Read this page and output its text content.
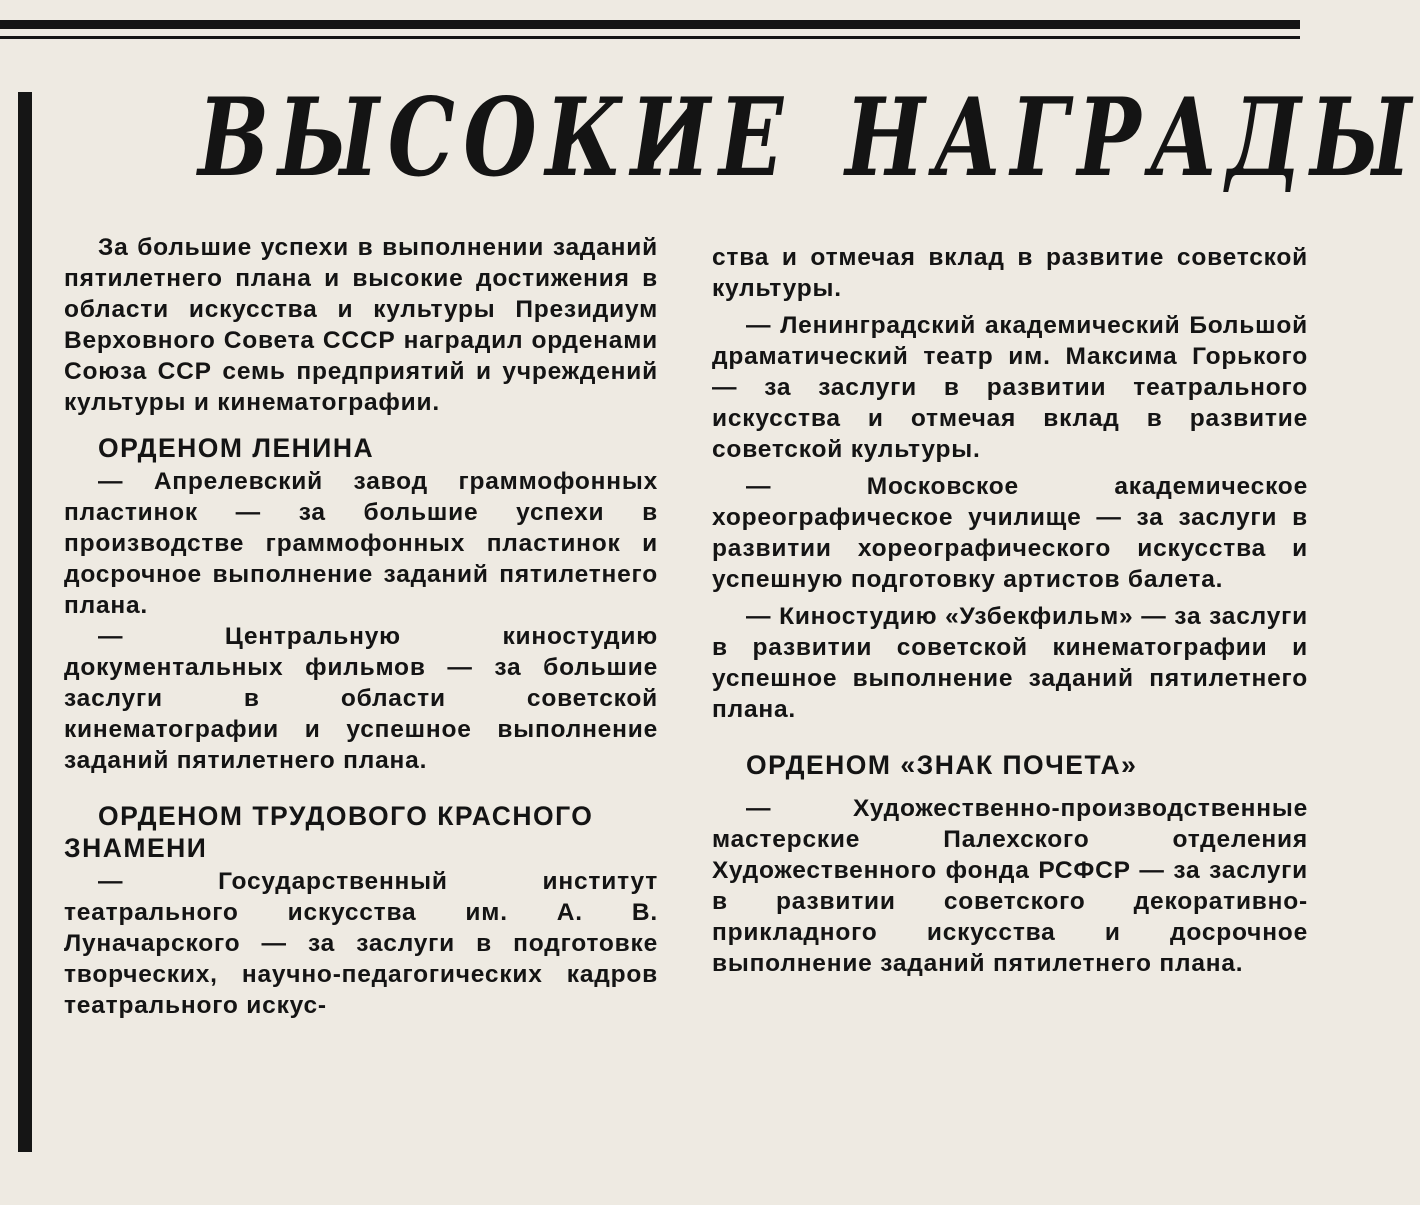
ВЫСОКИЕ НАГРАДЫ

За большие успехи в выполнении заданий пятилетнего плана и высокие достижения в области искусства и культуры Президиум Верховного Совета СССР наградил орденами Союза ССР семь предприятий и учреждений культуры и кинематографии.

ОРДЕНОМ ЛЕНИНА

— Апрелевский завод граммофонных пластинок — за большие успехи в производстве граммофонных пластинок и досрочное выполнение заданий пятилетнего плана.

— Центральную киностудию документальных фильмов — за большие заслуги в области советской кинематографии и успешное выполнение заданий пятилетнего плана.

ОРДЕНОМ ТРУДОВОГО КРАСНОГО ЗНАМЕНИ

— Государственный институт театрального искусства им. А. В. Луначарского — за заслуги в подготовке творческих, научно-педагогических кадров театрального искус-

ства и отмечая вклад в развитие советской культуры.

— Ленинградский академический Большой драматический театр им. Максима Горького — за заслуги в развитии театрального искусства и отмечая вклад в развитие советской культуры.

— Московское академическое хореографическое училище — за заслуги в развитии хореографического искусства и успешную подготовку артистов балета.

— Киностудию «Узбекфильм» — за заслуги в развитии советской кинематографии и успешное выполнение заданий пятилетнего плана.

ОРДЕНОМ «ЗНАК ПОЧЕТА»

— Художественно-производственные мастерские Палехского отделения Художественного фонда РСФСР — за заслуги в развитии советского декоративно-прикладного искусства и досрочное выполнение заданий пятилетнего плана.
